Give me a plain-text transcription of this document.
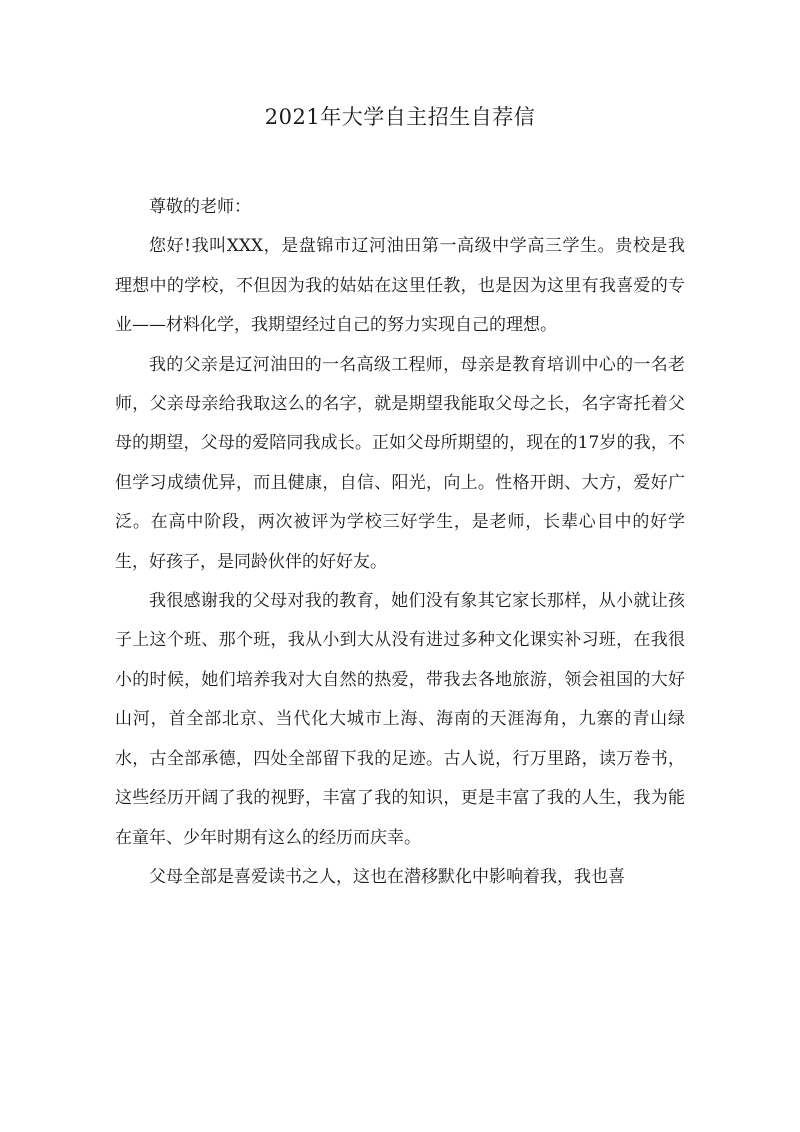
2021年大学自主招生自荐信

尊敬的老师：

您好!我叫XXX，是盘锦市辽河油田第一高级中学高三学生。贵校是我理想中的学校，不但因为我的姑姑在这里任教，也是因为这里有我喜爱的专业——材料化学，我期望经过自己的努力实现自己的理想。

我的父亲是辽河油田的一名高级工程师，母亲是教育培训中心的一名老师，父亲母亲给我取这么的名字，就是期望我能取父母之长，名字寄托着父母的期望，父母的爱陪同我成长。正如父母所期望的，现在的17岁的我，不但学习成绩优异，而且健康，自信、阳光，向上。性格开朗、大方，爱好广泛。在高中阶段，两次被评为学校三好学生，是老师，长辈心目中的好学生，好孩子，是同龄伙伴的好好友。

我很感谢我的父母对我的教育，她们没有象其它家长那样，从小就让孩子上这个班、那个班，我从小到大从没有进过多种文化课实补习班，在我很小的时候，她们培养我对大自然的热爱，带我去各地旅游，领会祖国的大好山河，首全部北京、当代化大城市上海、海南的天涯海角，九寨的青山绿水，古全部承德，四处全部留下我的足迹。古人说，行万里路，读万卷书，这些经历开阔了我的视野，丰富了我的知识，更是丰富了我的人生，我为能在童年、少年时期有这么的经历而庆幸。

父母全部是喜爱读书之人，这也在潜移默化中影响着我，我也喜
